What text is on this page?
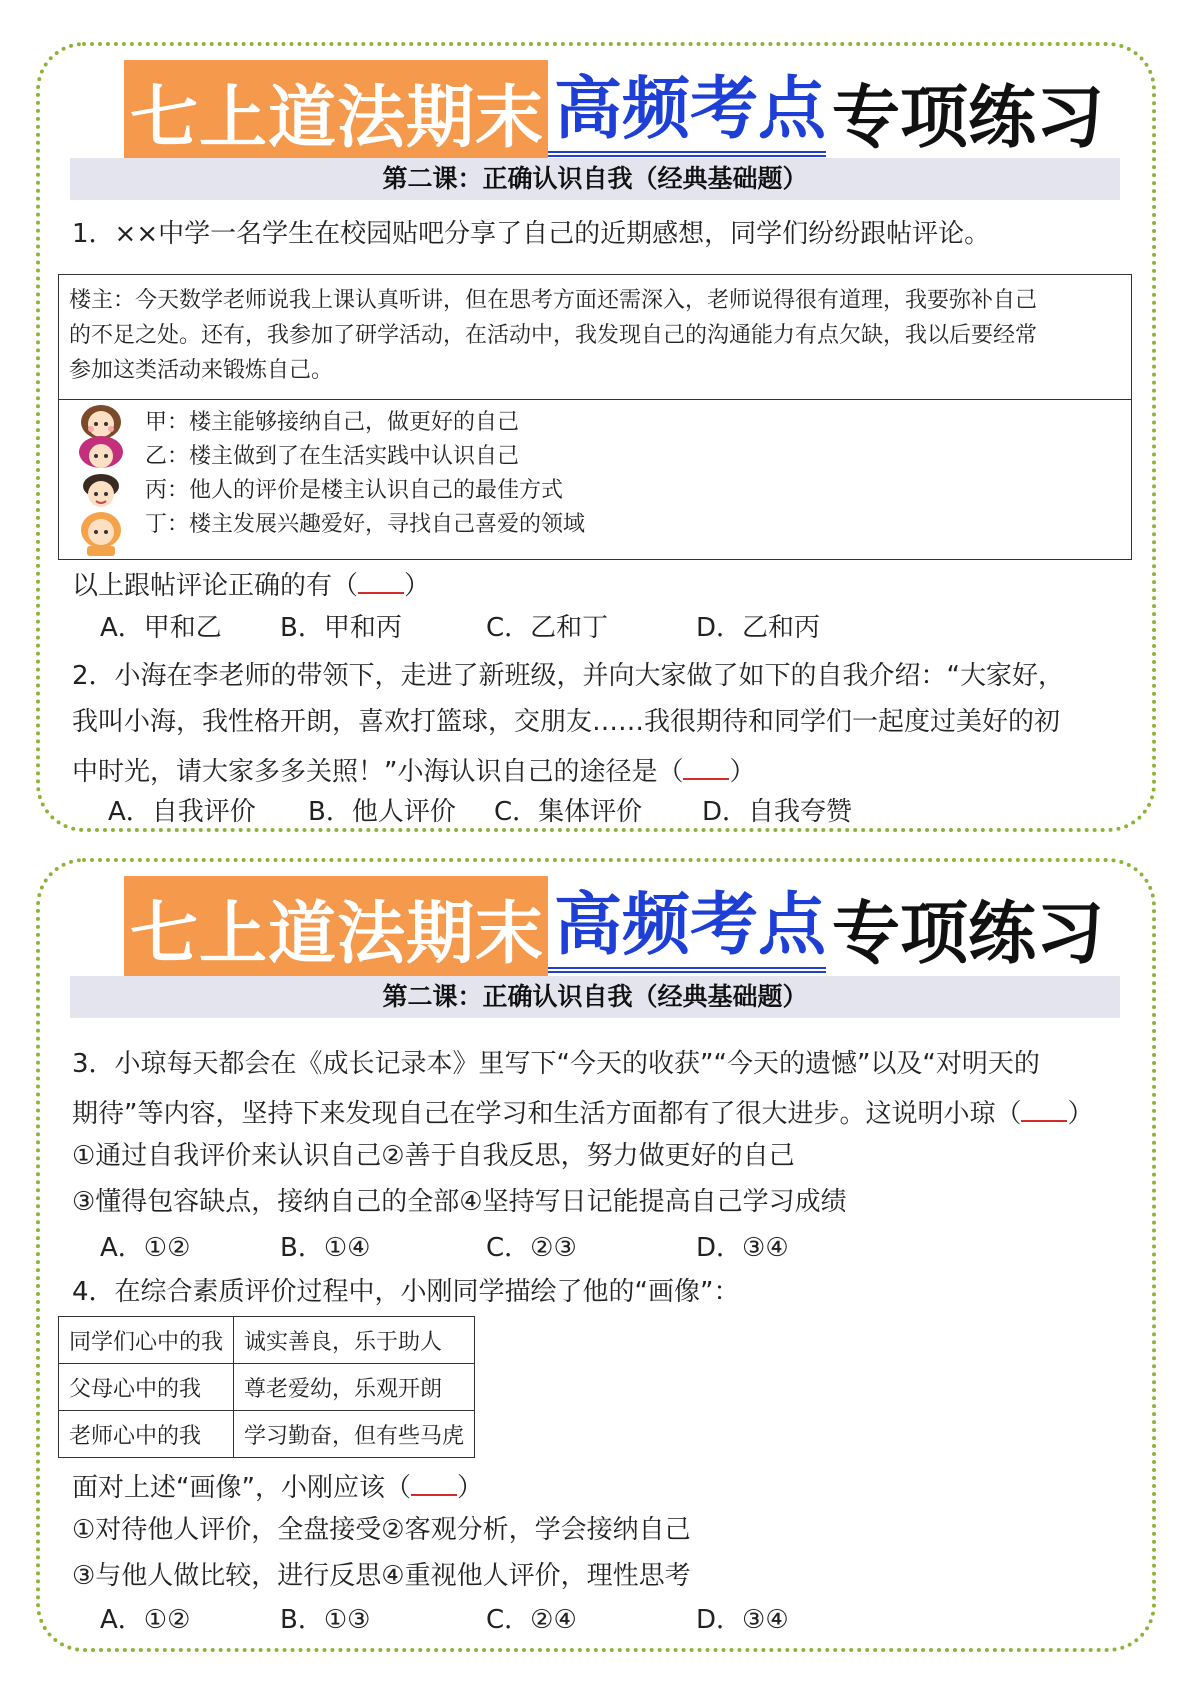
七上道法期末 高频考点 专项练习
第二课：正确认识自我（经典基础题）
1．××中学一名学生在校园贴吧分享了自己的近期感想，同学们纷纷跟帖评论。
楼主：今天数学老师说我上课认真听讲，但在思考方面还需深入，老师说得很有道理，我要弥补自己
的不足之处。还有，我参加了研学活动，在活动中，我发现自己的沟通能力有点欠缺，我以后要经常
参加这类活动来锻炼自己。
甲：楼主能够接纳自己，做更好的自己
乙：楼主做到了在生活实践中认识自己
丙：他人的评价是楼主认识自己的最佳方式
丁：楼主发展兴趣爱好，寻找自己喜爱的领域
以上跟帖评论正确的有（ ）
A．甲和乙 B．甲和丙	C．乙和丁	D．乙和丙
2．小海在李老师的带领下，走进了新班级，并向大家做了如下的自我介绍：“大家好，
我叫小海，我性格开朗，喜欢打篮球，交朋友……我很期待和同学们一起度过美好的初
中时光，请大家多多关照！”小海认识自己的途径是（ ）
A．自我评价 B．他人评价 C．集体评价 D．自我夸赞
七上道法期末 高频考点 专项练习
第二课：正确认识自我（经典基础题）
3．小琼每天都会在《成长记录本》里写下“今天的收获”“今天的遗憾”以及“对明天的
期待”等内容，坚持下来发现自己在学习和生活方面都有了很大进步。这说明小琼（ ）
①通过自我评价来认识自己②善于自我反思，努力做更好的自己
③懂得包容缺点，接纳自己的全部④坚持写日记能提高自己学习成绩
A．①②	B．①④	C．②③	D．③④
4．在综合素质评价过程中，小刚同学描绘了他的“画像”：
同学们心中的我	诚实善良，乐于助人
父母心中的我	尊老爱幼，乐观开朗
老师心中的我	学习勤奋，但有些马虎
面对上述“画像”，小刚应该（ ）
①对待他人评价，全盘接受②客观分析，学会接纳自己
③与他人做比较，进行反思④重视他人评价，理性思考
A．①②	B．①③	C．②④	D．③④
